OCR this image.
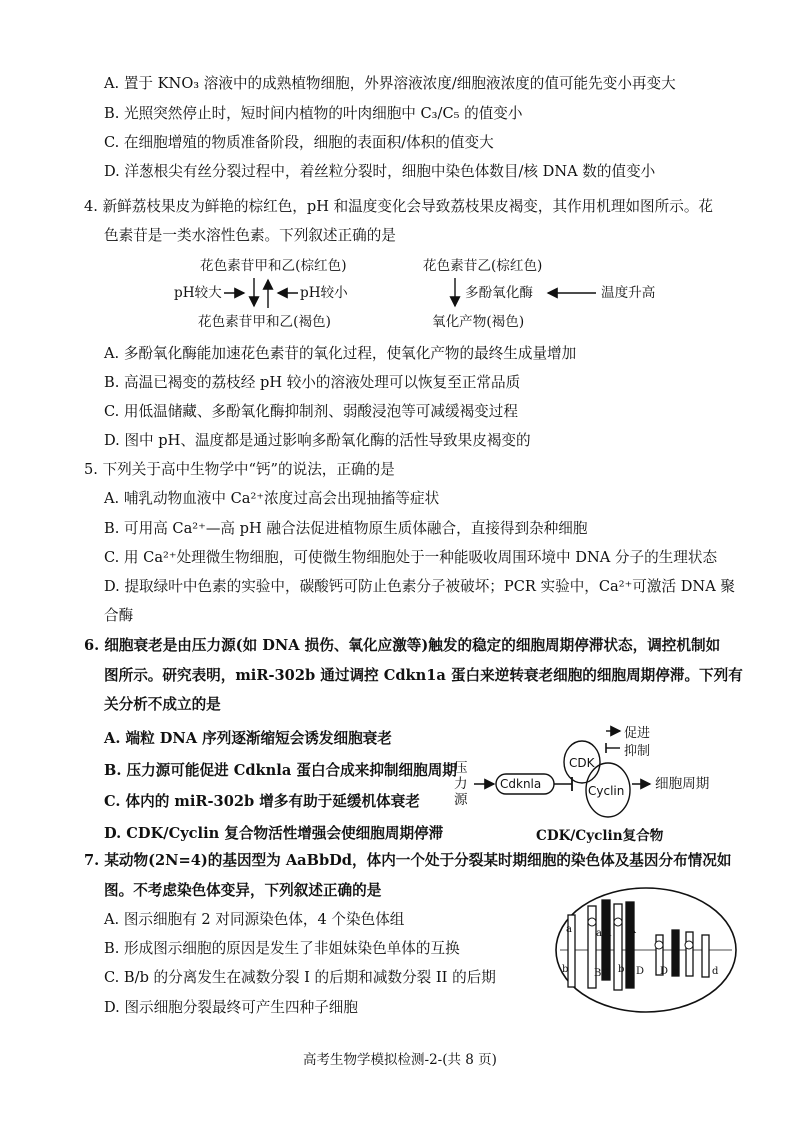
A. 置于 KNO₃ 溶液中的成熟植物细胞，外界溶液浓度/细胞液浓度的值可能先变小再变大
B. 光照突然停止时，短时间内植物的叶肉细胞中 C₃/C₅ 的值变小
C. 在细胞增殖的物质准备阶段，细胞的表面积/体积的值变大
D. 洋葱根尖有丝分裂过程中，着丝粒分裂时，细胞中染色体数目/核 DNA 数的值变小
4. 新鲜荔枝果皮为鲜艳的棕红色，pH 和温度变化会导致荔枝果皮褐变，其作用机理如图所示。花
色素苷是一类水溶性色素。下列叙述正确的是
花色素苷甲和乙(棕红色)
pH较大	pH较小
花色素苷甲和乙(褐色)
花色素苷乙(棕红色)
多酚氧化酶	温度升高
氧化产物(褐色)
A. 多酚氧化酶能加速花色素苷的氧化过程，使氧化产物的最终生成量增加
B. 高温已褐变的荔枝经 pH 较小的溶液处理可以恢复至正常品质
C. 用低温储藏、多酚氧化酶抑制剂、弱酸浸泡等可减缓褐变过程
D. 图中 pH、温度都是通过影响多酚氧化酶的活性导致果皮褐变的
5. 下列关于高中生物学中“钙”的说法，正确的是
A. 哺乳动物血液中 Ca²⁺浓度过高会出现抽搐等症状
B. 可用高 Ca²⁺—高 pH 融合法促进植物原生质体融合，直接得到杂种细胞
C. 用 Ca²⁺处理微生物细胞，可使微生物细胞处于一种能吸收周围环境中 DNA 分子的生理状态
D. 提取绿叶中色素的实验中，碳酸钙可防止色素分子被破坏；PCR 实验中，Ca²⁺可激活 DNA 聚
合酶
6. 细胞衰老是由压力源(如 DNA 损伤、氧化应激等)触发的稳定的细胞周期停滞状态，调控机制如
图所示。研究表明，miR-302b 通过调控 Cdkn1a 蛋白来逆转衰老细胞的细胞周期停滞。下列有
关分析不成立的是
A. 端粒 DNA 序列逐渐缩短会诱发细胞衰老
B. 压力源可能促进 Cdknla 蛋白合成来抑制细胞周期
C. 体内的 miR-302b 增多有助于延缓机体衰老
D. CDK/Cyclin 复合物活性增强会使细胞周期停滞
促进
抑制
压
力
源
Cdknla
CDK
Cyclin 细胞周期
CDK/Cyclin复合物
7. 某动物(2N=4)的基因型为 AaBbDd，体内一个处于分裂某时期细胞的染色体及基因分布情况如
图。不考虑染色体变异，下列叙述正确的是
A. 图示细胞有 2 对同源染色体，4 个染色体组
B. 形成图示细胞的原因是发生了非姐妹染色单体的互换
C. B/b 的分离发生在减数分裂 I 的后期和减数分裂 II 的后期
D. 图示细胞分裂最终可产生四种子细胞
a a A A
b	B B b D D d	d
高考生物学模拟检测-2-(共 8 页)
